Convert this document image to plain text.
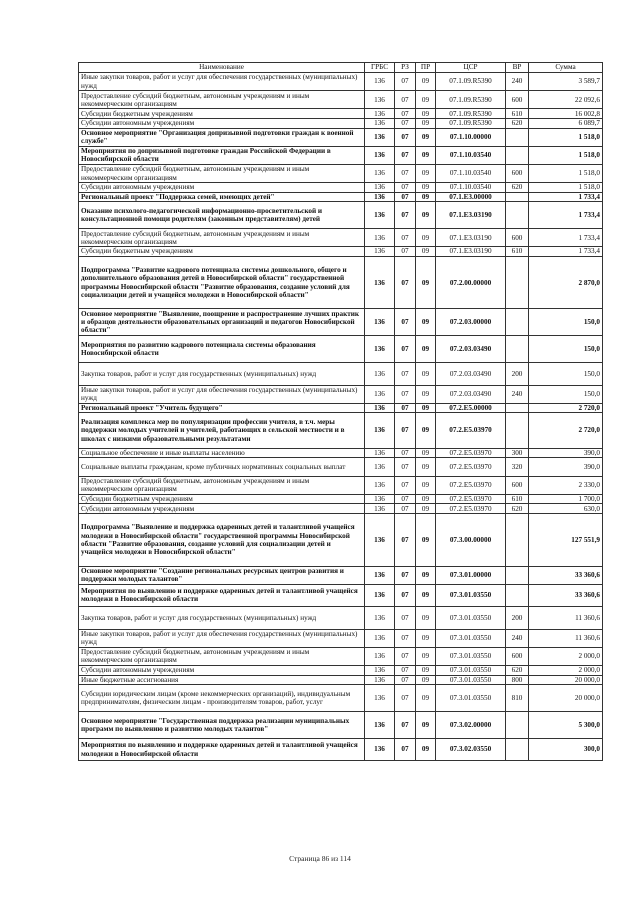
Наименование	ГРБС	РЗ	ПР	ЦСР	ВР	Сумма
Иные закупки товаров, работ и услуг для обеспечения государственных (муниципальных) нужд	136	07	09	07.1.09.R5390	240	3 589,7
Предоставление субсидий бюджетным, автономным учреждениям и иным некоммерческим организациям	136	07	09	07.1.09.R5390	600	22 092,6
Субсидии бюджетным учреждениям	136	07	09	07.1.09.R5390	610	16 002,8
Субсидии автономным учреждениям	136	07	09	07.1.09.R5390	620	6 089,7
Основное мероприятие "Организация допризывной подготовки граждан к военной службе"	136	07	09	07.1.10.00000		1 518,0
Мероприятия по допризывной подготовке граждан Российской Федерации в Новосибирской области	136	07	09	07.1.10.03540		1 518,0
Предоставление субсидий бюджетным, автономным учреждениям и иным некоммерческим организациям	136	07	09	07.1.10.03540	600	1 518,0
Субсидии автономным учреждениям	136	07	09	07.1.10.03540	620	1 518,0
Региональный проект "Поддержка семей, имеющих детей"	136	07	09	07.1.E3.00000		1 733,4
Оказание психолого-педагогической информационно-просветительской и консультационной помощи родителям (законным представителям) детей	136	07	09	07.1.E3.03190		1 733,4
Предоставление субсидий бюджетным, автономным учреждениям и иным некоммерческим организациям	136	07	09	07.1.E3.03190	600	1 733,4
Субсидии бюджетным учреждениям	136	07	09	07.1.E3.03190	610	1 733,4
Подпрограмма "Развитие кадрового потенциала системы дошкольного, общего и дополнительного образования детей в Новосибирской области" государственной программы Новосибирской области "Развитие образования, создание условий для социализации детей и учащейся молодежи в Новосибирской области"	136	07	09	07.2.00.00000		2 870,0
Основное мероприятие "Выявление, поощрение и распространение лучших практик и образцов деятельности образовательных организаций и педагогов Новосибирской области"	136	07	09	07.2.03.00000		150,0
Мероприятия по развитию кадрового потенциала системы образования Новосибирской области	136	07	09	07.2.03.03490		150,0
Закупка товаров, работ и услуг для государственных (муниципальных) нужд	136	07	09	07.2.03.03490	200	150,0
Иные закупки товаров, работ и услуг для обеспечения государственных (муниципальных) нужд	136	07	09	07.2.03.03490	240	150,0
Региональный проект "Учитель будущего"	136	07	09	07.2.E5.00000		2 720,0
Реализация комплекса мер по популяризации профессии учителя, в т.ч. меры поддержки молодых учителей и учителей, работающих в сельской местности и в школах с низкими образовательными результатами	136	07	09	07.2.E5.03970		2 720,0
Социальное обеспечение и иные выплаты населению	136	07	09	07.2.E5.03970	300	390,0
Социальные выплаты гражданам, кроме публичных нормативных социальных выплат	136	07	09	07.2.E5.03970	320	390,0
Предоставление субсидий бюджетным, автономным учреждениям и иным некоммерческим организациям	136	07	09	07.2.E5.03970	600	2 330,0
Субсидии бюджетным учреждениям	136	07	09	07.2.E5.03970	610	1 700,0
Субсидии автономным учреждениям	136	07	09	07.2.E5.03970	620	630,0
Подпрограмма "Выявление и поддержка одаренных детей и талантливой учащейся молодежи в Новосибирской области" государственной программы Новосибирской области "Развитие образования, создание условий для социализации детей и учащейся молодежи в Новосибирской области"	136	07	09	07.3.00.00000		127 551,9
Основное мероприятие "Создание региональных ресурсных центров развития и поддержки молодых талантов"	136	07	09	07.3.01.00000		33 360,6
Мероприятия по выявлению и поддержке одаренных детей и талантливой учащейся молодежи в Новосибирской области	136	07	09	07.3.01.03550		33 360,6
Закупка товаров, работ и услуг для государственных (муниципальных) нужд	136	07	09	07.3.01.03550	200	11 360,6
Иные закупки товаров, работ и услуг для обеспечения государственных (муниципальных) нужд	136	07	09	07.3.01.03550	240	11 360,6
Предоставление субсидий бюджетным, автономным учреждениям и иным некоммерческим организациям	136	07	09	07.3.01.03550	600	2 000,0
Субсидии автономным учреждениям	136	07	09	07.3.01.03550	620	2 000,0
Иные бюджетные ассигнования	136	07	09	07.3.01.03550	800	20 000,0
Субсидии юридическим лицам (кроме некоммерческих организаций), индивидуальным предпринимателям, физическим лицам - производителям товаров, работ, услуг	136	07	09	07.3.01.03550	810	20 000,0
Основное мероприятие "Государственная поддержка реализации муниципальных программ по выявлению и развитию молодых талантов"	136	07	09	07.3.02.00000		5 300,0
Мероприятия по выявлению и поддержке одаренных детей и талантливой учащейся молодежи в Новосибирской области	136	07	09	07.3.02.03550		300,0
Страница 86 из 114
